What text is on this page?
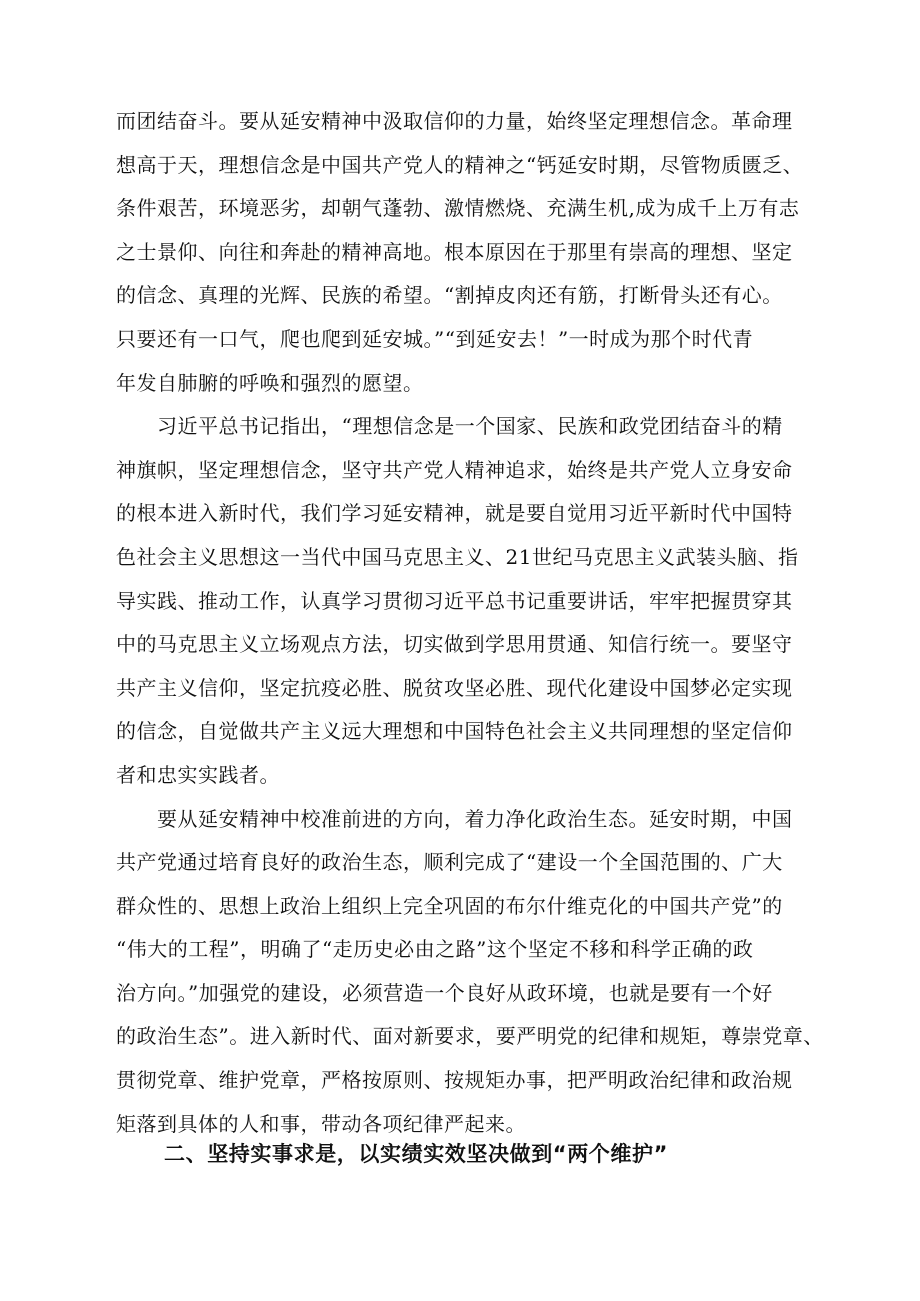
而团结奋斗。要从延安精神中汲取信仰的力量，始终坚定理想信念。革命理
想高于天，理想信念是中国共产党人的精神之“钙延安时期，尽管物质匮乏、
条件艰苦，环境恶劣，却朝气蓬勃、激情燃烧、充满生机,成为成千上万有志
之士景仰、向往和奔赴的精神高地。根本原因在于那里有崇高的理想、坚定
的信念、真理的光辉、民族的希望。“割掉皮肉还有筋，打断骨头还有心。
只要还有一口气，爬也爬到延安城。”“到延安去！”一时成为那个时代青
年发自肺腑的呼唤和强烈的愿望。
　　习近平总书记指出，“理想信念是一个国家、民族和政党团结奋斗的精
神旗帜，坚定理想信念，坚守共产党人精神追求，始终是共产党人立身安命
的根本进入新时代，我们学习延安精神，就是要自觉用习近平新时代中国特
色社会主义思想这一当代中国马克思主义、21世纪马克思主义武装头脑、指
导实践、推动工作，认真学习贯彻习近平总书记重要讲话，牢牢把握贯穿其
中的马克思主义立场观点方法，切实做到学思用贯通、知信行统一。要坚守
共产主义信仰，坚定抗疫必胜、脱贫攻坚必胜、现代化建设中国梦必定实现
的信念，自觉做共产主义远大理想和中国特色社会主义共同理想的坚定信仰
者和忠实实践者。
　　要从延安精神中校准前进的方向，着力净化政治生态。延安时期，中国
共产党通过培育良好的政治生态，顺利完成了“建设一个全国范围的、广大
群众性的、思想上政治上组织上完全巩固的布尔什维克化的中国共产党”的
“伟大的工程”，明确了“走历史必由之路”这个坚定不移和科学正确的政
治方向。”加强党的建设，必须营造一个良好从政环境，也就是要有一个好
的政治生态”。进入新时代、面对新要求，要严明党的纪律和规矩，尊崇党章、
贯彻党章、维护党章，严格按原则、按规矩办事，把严明政治纪律和政治规
矩落到具体的人和事，带动各项纪律严起来。
二、坚持实事求是，以实绩实效坚决做到“两个维护”
